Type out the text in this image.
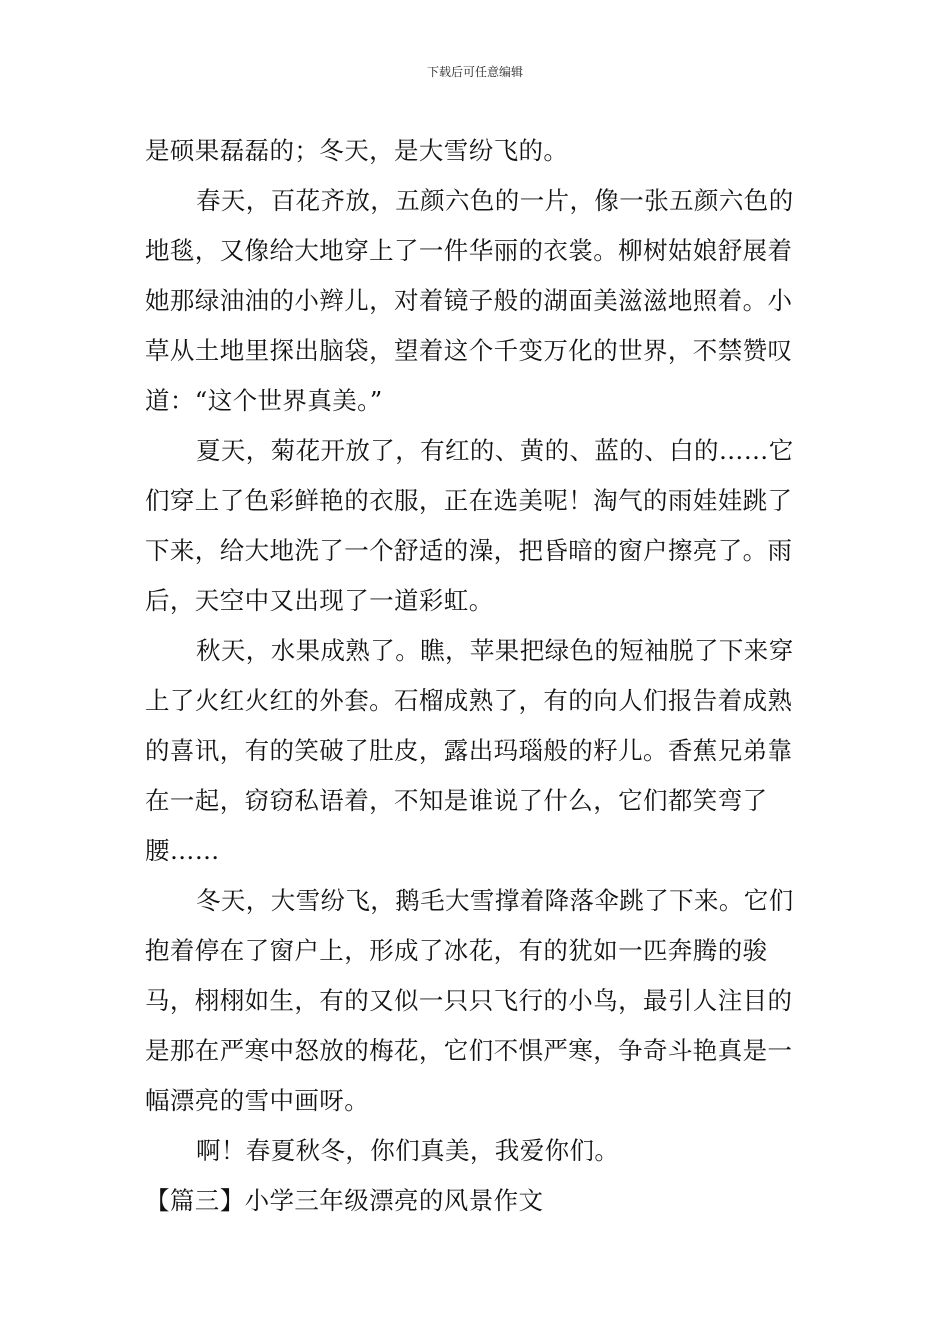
下载后可任意编辑

是硕果磊磊的；冬天，是大雪纷飞的。

春天，百花齐放，五颜六色的一片，像一张五颜六色的地毯，又像给大地穿上了一件华丽的衣裳。柳树姑娘舒展着她那绿油油的小辫儿，对着镜子般的湖面美滋滋地照着。小草从土地里探出脑袋，望着这个千变万化的世界，不禁赞叹道：“这个世界真美。”

夏天，菊花开放了，有红的、黄的、蓝的、白的……它们穿上了色彩鲜艳的衣服，正在选美呢！淘气的雨娃娃跳了下来，给大地洗了一个舒适的澡，把昏暗的窗户擦亮了。雨后，天空中又出现了一道彩虹。

秋天，水果成熟了。瞧，苹果把绿色的短袖脱了下来穿上了火红火红的外套。石榴成熟了，有的向人们报告着成熟的喜讯，有的笑破了肚皮，露出玛瑙般的籽儿。香蕉兄弟靠在一起，窃窃私语着，不知是谁说了什么，它们都笑弯了腰……

冬天，大雪纷飞，鹅毛大雪撑着降落伞跳了下来。它们抱着停在了窗户上，形成了冰花，有的犹如一匹奔腾的骏马，栩栩如生，有的又似一只只飞行的小鸟，最引人注目的是那在严寒中怒放的梅花，它们不惧严寒，争奇斗艳真是一幅漂亮的雪中画呀。

啊！春夏秋冬，你们真美，我爱你们。

【篇三】小学三年级漂亮的风景作文
